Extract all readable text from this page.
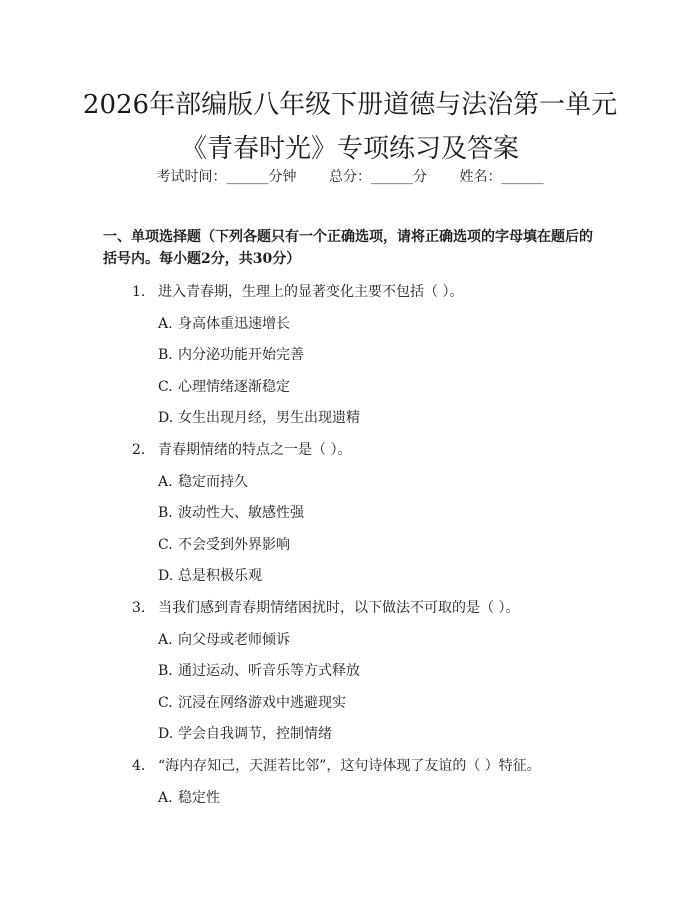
2026年部编版八年级下册道德与法治第一单元《青春时光》专项练习及答案
考试时间：______分钟 总分：______分 姓名：______

一、单项选择题（下列各题只有一个正确选项，请将正确选项的字母填在题后的括号内。每小题2分，共30分）

1. 进入青春期，生理上的显著变化主要不包括（ ）。
A. 身高体重迅速增长
B. 内分泌功能开始完善
C. 心理情绪逐渐稳定
D. 女生出现月经，男生出现遗精
2. 青春期情绪的特点之一是（ ）。
A. 稳定而持久
B. 波动性大、敏感性强
C. 不会受到外界影响
D. 总是积极乐观
3. 当我们感到青春期情绪困扰时，以下做法不可取的是（ ）。
A. 向父母或老师倾诉
B. 通过运动、听音乐等方式释放
C. 沉浸在网络游戏中逃避现实
D. 学会自我调节，控制情绪
4. “海内存知己，天涯若比邻”，这句诗体现了友谊的（ ）特征。
A. 稳定性
